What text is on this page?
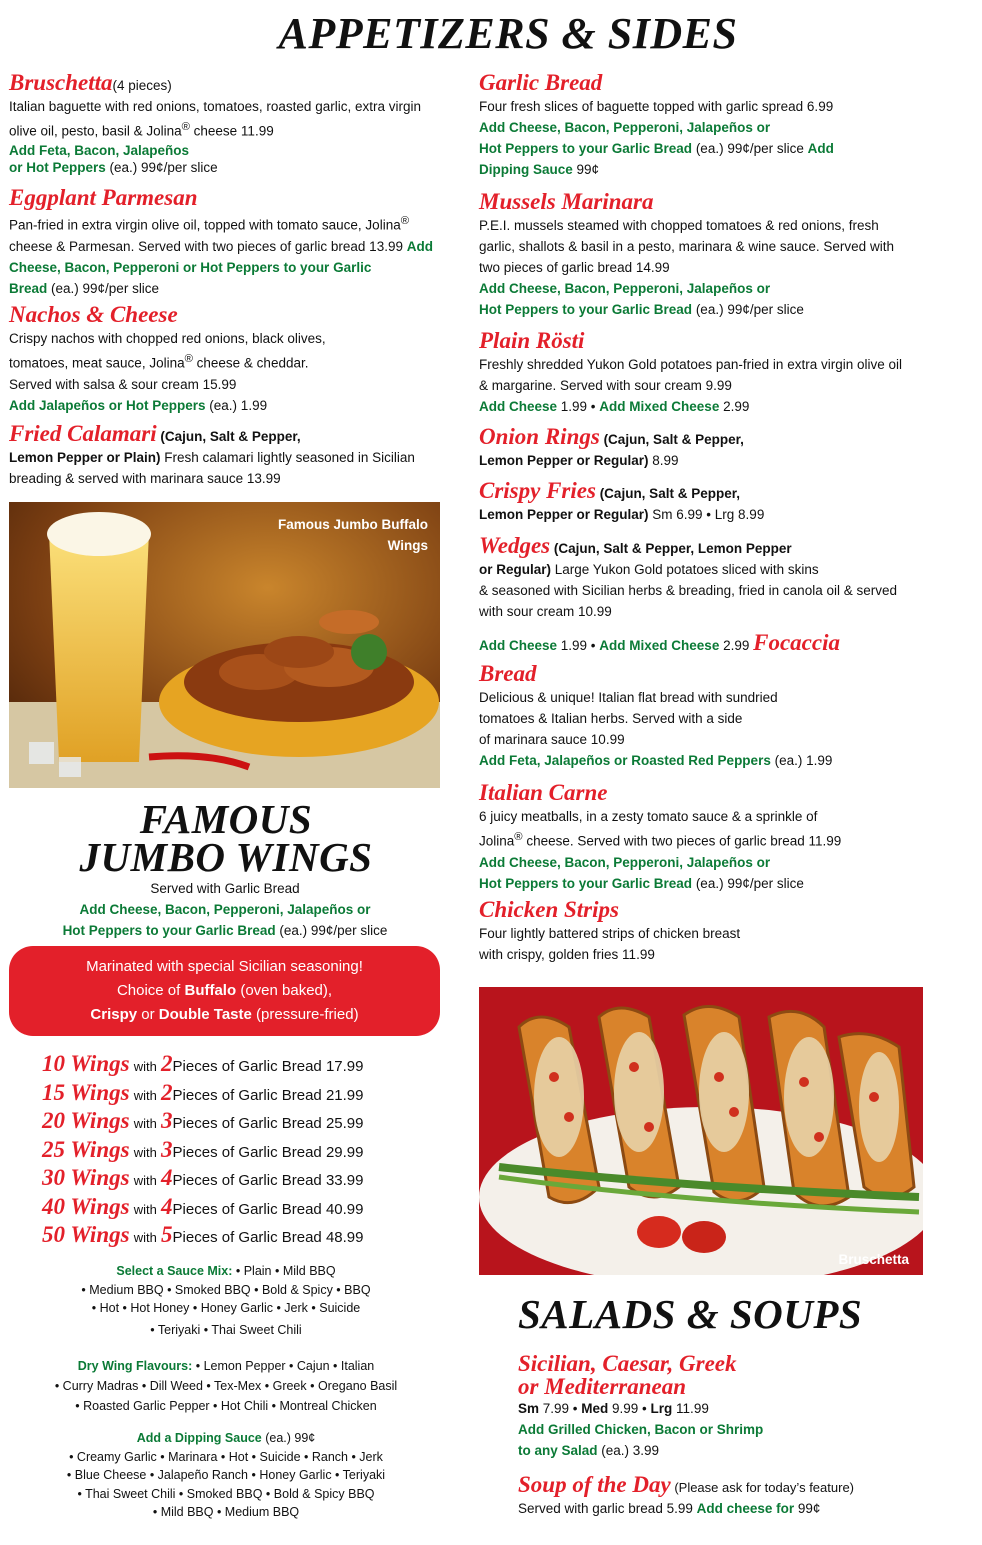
APPETIZERS & SIDES
Bruschetta(4 pieces)

Italian baguette with red onions, tomatoes, roasted garlic, extra virgin

olive oil, pesto, basil & Jolina® cheese 11.99

Add Feta, Bacon, Jalapeños

or Hot Peppers (ea.) 99¢/per slice

Eggplant Parmesan

Pan-fried in extra virgin olive oil, topped with tomato sauce, Jolina®

cheese & Parmesan. Served with two pieces of garlic bread 13.99 Add

Cheese, Bacon, Pepperoni or Hot Peppers to your Garlic

Bread (ea.) 99¢/per slice

Nachos & Cheese

Crispy nachos with chopped red onions, black olives,

tomatoes, meat sauce, Jolina® cheese & cheddar.

Served with salsa & sour cream 15.99

Add Jalapeños or Hot Peppers (ea.) 1.99

Fried Calamari (Cajun, Salt & Pepper,

Lemon Pepper or Plain) Fresh calamari lightly seasoned in Sicilian

breading & served with marinara sauce 13.99

Famous Jumbo Buffalo Wings
FAMOUS
JUMBO WINGS

Served with Garlic Bread

Add Cheese, Bacon, Pepperoni, Jalapeños or

Hot Peppers to your Garlic Bread (ea.) 99¢/per slice

Marinated with special Sicilian seasoning!
Choice of Buffalo (oven baked),
Crispy or Double Taste (pressure-fried)
10 Wings with 2Pieces of Garlic Bread 17.99
15 Wings with 2Pieces of Garlic Bread 21.99
20 Wings with 3Pieces of Garlic Bread 25.99
25 Wings with 3Pieces of Garlic Bread 29.99
30 Wings with 4Pieces of Garlic Bread 33.99
40 Wings with 4Pieces of Garlic Bread 40.99
50 Wings with 5Pieces of Garlic Bread 48.99
Select a Sauce Mix: • Plain • Mild BBQ
• Medium BBQ • Smoked BBQ • Bold & Spicy • BBQ
• Hot • Hot Honey • Honey Garlic • Jerk • Suicide
• Teriyaki • Thai Sweet Chili
Dry Wing Flavours: • Lemon Pepper • Cajun • Italian
• Curry Madras • Dill Weed • Tex-Mex • Greek • Oregano Basil
• Roasted Garlic Pepper • Hot Chili • Montreal Chicken
Add a Dipping Sauce (ea.) 99¢
• Creamy Garlic • Marinara • Hot • Suicide • Ranch • Jerk
• Blue Cheese • Jalapeño Ranch • Honey Garlic • Teriyaki
• Thai Sweet Chili • Smoked BBQ • Bold & Spicy BBQ
• Mild BBQ • Medium BBQ
Garlic Bread

Four fresh slices of baguette topped with garlic spread 6.99

Add Cheese, Bacon, Pepperoni, Jalapeños or

Hot Peppers to your Garlic Bread (ea.) 99¢/per slice Add

Dipping Sauce 99¢

Mussels Marinara

P.E.I. mussels steamed with chopped tomatoes & red onions, fresh

garlic, shallots & basil in a pesto, marinara & wine sauce. Served with

two pieces of garlic bread 14.99

Add Cheese, Bacon, Pepperoni, Jalapeños or

Hot Peppers to your Garlic Bread (ea.) 99¢/per slice

Plain Rösti

Freshly shredded Yukon Gold potatoes pan-fried in extra virgin olive oil

& margarine. Served with sour cream 9.99

Add Cheese 1.99 • Add Mixed Cheese 2.99

Onion Rings (Cajun, Salt & Pepper,

Lemon Pepper or Regular) 8.99

Crispy Fries (Cajun, Salt & Pepper,

Lemon Pepper or Regular) Sm 6.99 • Lrg 8.99

Wedges (Cajun, Salt & Pepper, Lemon Pepper

or Regular) Large Yukon Gold potatoes sliced with skins

& seasoned with Sicilian herbs & breading, fried in canola oil & served

with sour cream 10.99

Add Cheese 1.99 • Add Mixed Cheese 2.99 Focaccia
Bread

Delicious & unique! Italian flat bread with sundried

tomatoes & Italian herbs. Served with a side

of marinara sauce 10.99

Add Feta, Jalapeños or Roasted Red Peppers (ea.) 1.99

Italian Carne

6 juicy meatballs, in a zesty tomato sauce & a sprinkle of

Jolina® cheese. Served with two pieces of garlic bread 11.99

Add Cheese, Bacon, Pepperoni, Jalapeños or

Hot Peppers to your Garlic Bread (ea.) 99¢/per slice

Chicken Strips

Four lightly battered strips of chicken breast

with crispy, golden fries 11.99

Bruschetta
SALADS & SOUPS
Sicilian, Caesar, Greek
or Mediterranean

Sm 7.99 • Med 9.99 • Lrg 11.99

Add Grilled Chicken, Bacon or Shrimp

to any Salad (ea.) 3.99

Soup of the Day (Please ask for today’s feature)

Served with garlic bread 5.99 Add cheese for 99¢
